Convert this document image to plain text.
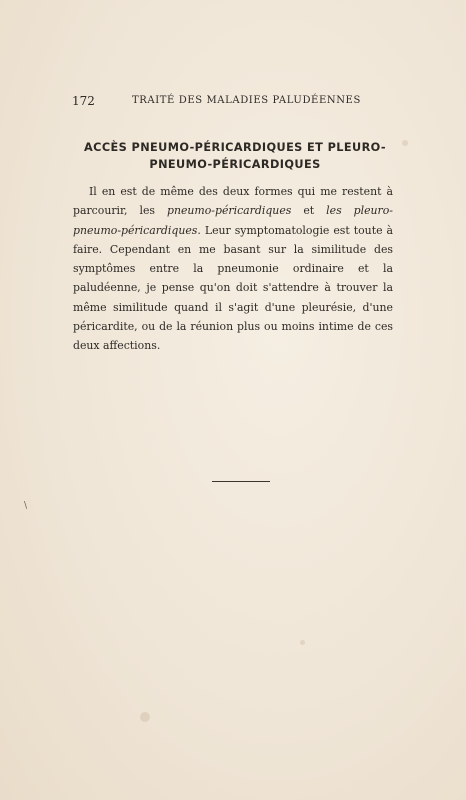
172	TRAITÉ DES MALADIES PALUDÉENNES
ACCÈS PNEUMO-PÉRICARDIQUES ET PLEURO-
PNEUMO-PÉRICARDIQUES

Il en est de même des deux formes qui me restent à parcourir, les pneumo-péricardiques et les pleuro-pneumo-péricardiques. Leur symptomatologie est toute à faire. Cependant en me basant sur la similitude des symptômes entre la pneumonie ordinaire et la paludéenne, je pense qu'on doit s'attendre à trouver la même similitude quand il s'agit d'une pleurésie, d'une péricardite, ou de la réunion plus ou moins intime de ces deux affections.

\
